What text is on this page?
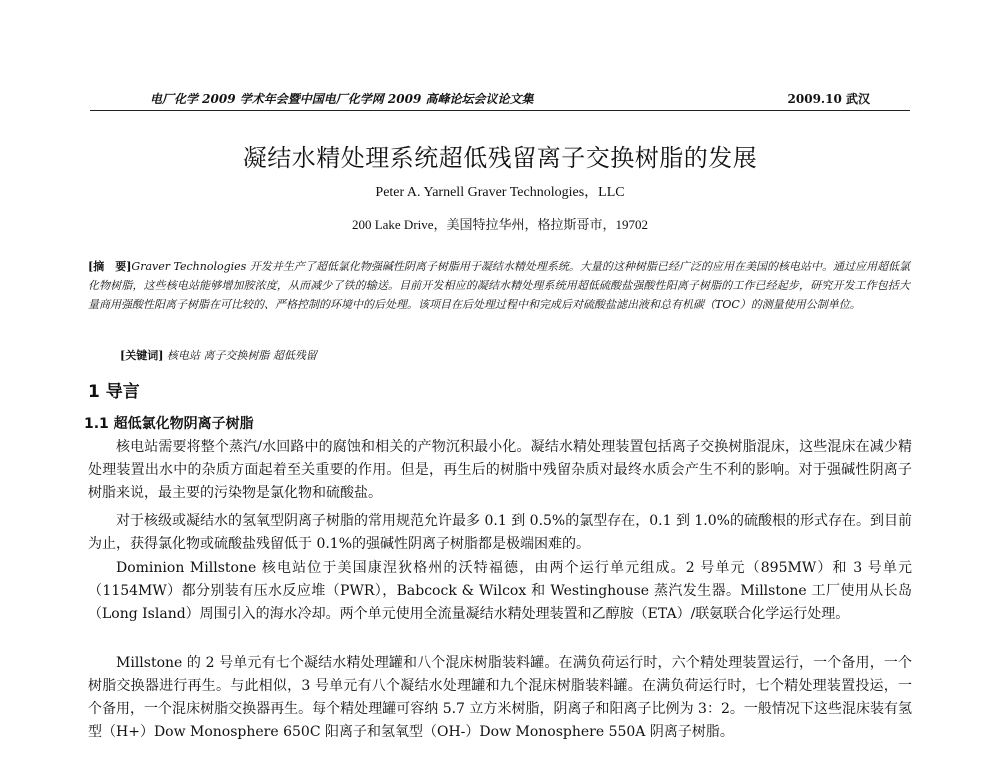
电厂化学 2009 学术年会暨中国电厂化学网 2009 高峰论坛会议论文集	2009.10 武汉
凝结水精处理系统超低残留离子交换树脂的发展
Peter A. Yarnell Graver Technologies，LLC
200 Lake Drive，美国特拉华州，格拉斯哥市，19702
[摘　要]Graver Technologies 开发并生产了超低氯化物强碱性阴离子树脂用于凝结水精处理系统。大量的这种树脂已经广泛的应用在美国的核电站中。通过应用超低氯化物树脂，这些核电站能够增加胺浓度，从而减少了铁的输送。目前开发相应的凝结水精处理系统用超低硫酸盐强酸性阳离子树脂的工作已经起步，研究开发工作包括大量商用强酸性阳离子树脂在可比较的、严格控制的环境中的后处理。该项目在后处理过程中和完成后对硫酸盐滤出液和总有机碳（TOC）的测量使用公制单位。
[关键词] 核电站 离子交换树脂 超低残留
1 导言
1.1 超低氯化物阴离子树脂

核电站需要将整个蒸汽/水回路中的腐蚀和相关的产物沉积最小化。凝结水精处理装置包括离子交换树脂混床，这些混床在减少精处理装置出水中的杂质方面起着至关重要的作用。但是，再生后的树脂中残留杂质对最终水质会产生不利的影响。对于强碱性阴离子树脂来说，最主要的污染物是氯化物和硫酸盐。

对于核级或凝结水的氢氧型阴离子树脂的常用规范允许最多 0.1 到 0.5%的氯型存在，0.1 到 1.0%的硫酸根的形式存在。到目前为止，获得氯化物或硫酸盐残留低于 0.1%的强碱性阴离子树脂都是极端困难的。

Dominion Millstone 核电站位于美国康涅狄格州的沃特福德，由两个运行单元组成。2 号单元（895MW）和 3 号单元（1154MW）都分别装有压水反应堆（PWR），Babcock & Wilcox 和 Westinghouse 蒸汽发生器。Millstone 工厂使用从长岛（Long Island）周围引入的海水冷却。两个单元使用全流量凝结水精处理装置和乙醇胺（ETA）/联氨联合化学运行处理。

Millstone 的 2 号单元有七个凝结水精处理罐和八个混床树脂装料罐。在满负荷运行时，六个精处理装置运行，一个备用，一个树脂交换器进行再生。与此相似，3 号单元有八个凝结水处理罐和九个混床树脂装料罐。在满负荷运行时，七个精处理装置投运，一个备用，一个混床树脂交换器再生。每个精处理罐可容纳 5.7 立方米树脂，阴离子和阳离子比例为 3：2。一般情况下这些混床装有氢型（H+）Dow Monosphere 650C 阳离子和氢氧型（OH-）Dow Monosphere 550A 阴离子树脂。
